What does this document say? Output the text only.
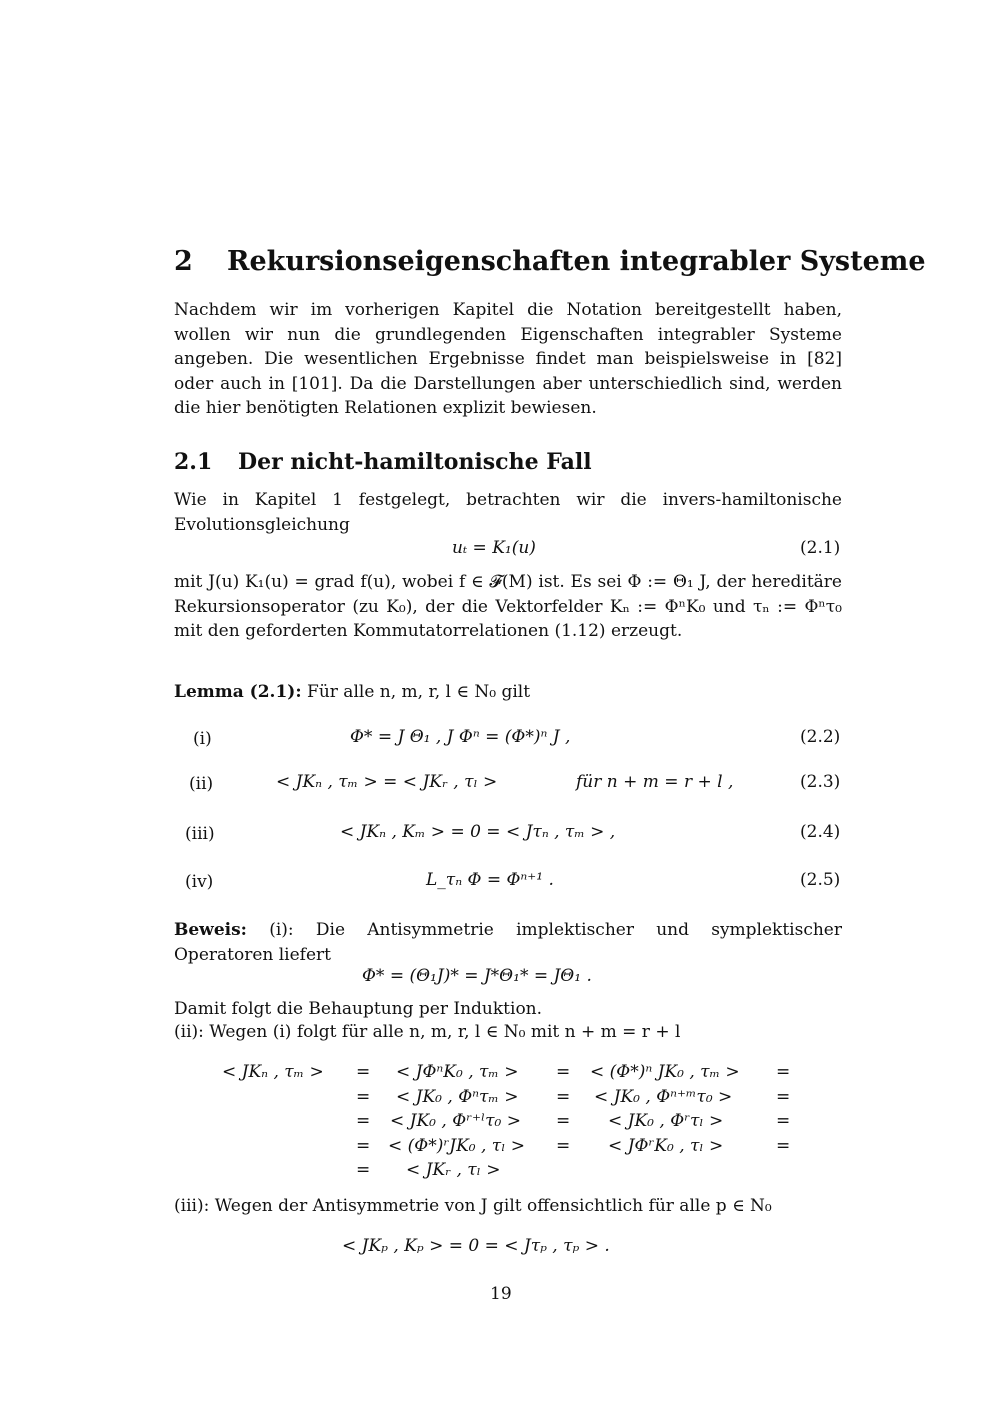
2 Rekursionseigenschaften integrabler Systeme
Nachdem wir im vorherigen Kapitel die Notation bereitgestellt haben, wollen wir nun die grundlegenden Eigenschaften integrabler Systeme angeben. Die wesentlichen Ergebnisse findet man beispielsweise in [82] oder auch in [101]. Da die Darstellungen aber unterschiedlich sind, werden die hier benötigten Relationen explizit bewiesen.
2.1 Der nicht-hamiltonische Fall
Wie in Kapitel 1 festgelegt, betrachten wir die invers-hamiltonische Evolutionsgleichung
uₜ = K₁(u)	(2.1)
mit J(u) K₁(u) = grad f(u), wobei f ∈ 𝓕(M) ist. Es sei Φ := Θ₁ J, der hereditäre Rekursionsoperator (zu K₀), der die Vektorfelder Kₙ := ΦⁿK₀ und τₙ := Φⁿτ₀ mit den geforderten Kommutatorrelationen (1.12) erzeugt.
Lemma (2.1): Für alle n, m, r, l ∈ N₀ gilt
(i)	Φ* = J Θ₁ , J Φⁿ = (Φ*)ⁿ J ,	(2.2)
(ii)	< JKₙ , τₘ > = < JKᵣ , τₗ >	für n + m = r + l ,	(2.3)
(iii)	< JKₙ , Kₘ > = 0 = < Jτₙ , τₘ > ,	(2.4)
(iv)	L_τₙ Φ = Φⁿ⁺¹ .	(2.5)
Beweis: (i): Die Antisymmetrie implektischer und symplektischer Operatoren liefert
Φ* = (Θ₁J)* = J*Θ₁* = JΘ₁ .
Damit folgt die Behauptung per Induktion.
(ii): Wegen (i) folgt für alle n, m, r, l ∈ N₀ mit n + m = r + l
< JKₙ , τₘ > = < JΦⁿK₀ , τₘ > = < (Φ*)ⁿ JK₀ , τₘ > =
= < JK₀ , Φⁿτₘ > = < JK₀ , Φⁿ⁺ᵐτ₀ >	=
= < JK₀ , Φʳ⁺ˡτ₀ > = < JK₀ , Φʳτₗ >	=
= < (Φ*)ʳJK₀ , τₗ > = < JΦʳK₀ , τₗ >	=
= < JKᵣ , τₗ >
(iii): Wegen der Antisymmetrie von J gilt offensichtlich für alle p ∈ N₀
< JKₚ , Kₚ > = 0 = < Jτₚ , τₚ > .
19
